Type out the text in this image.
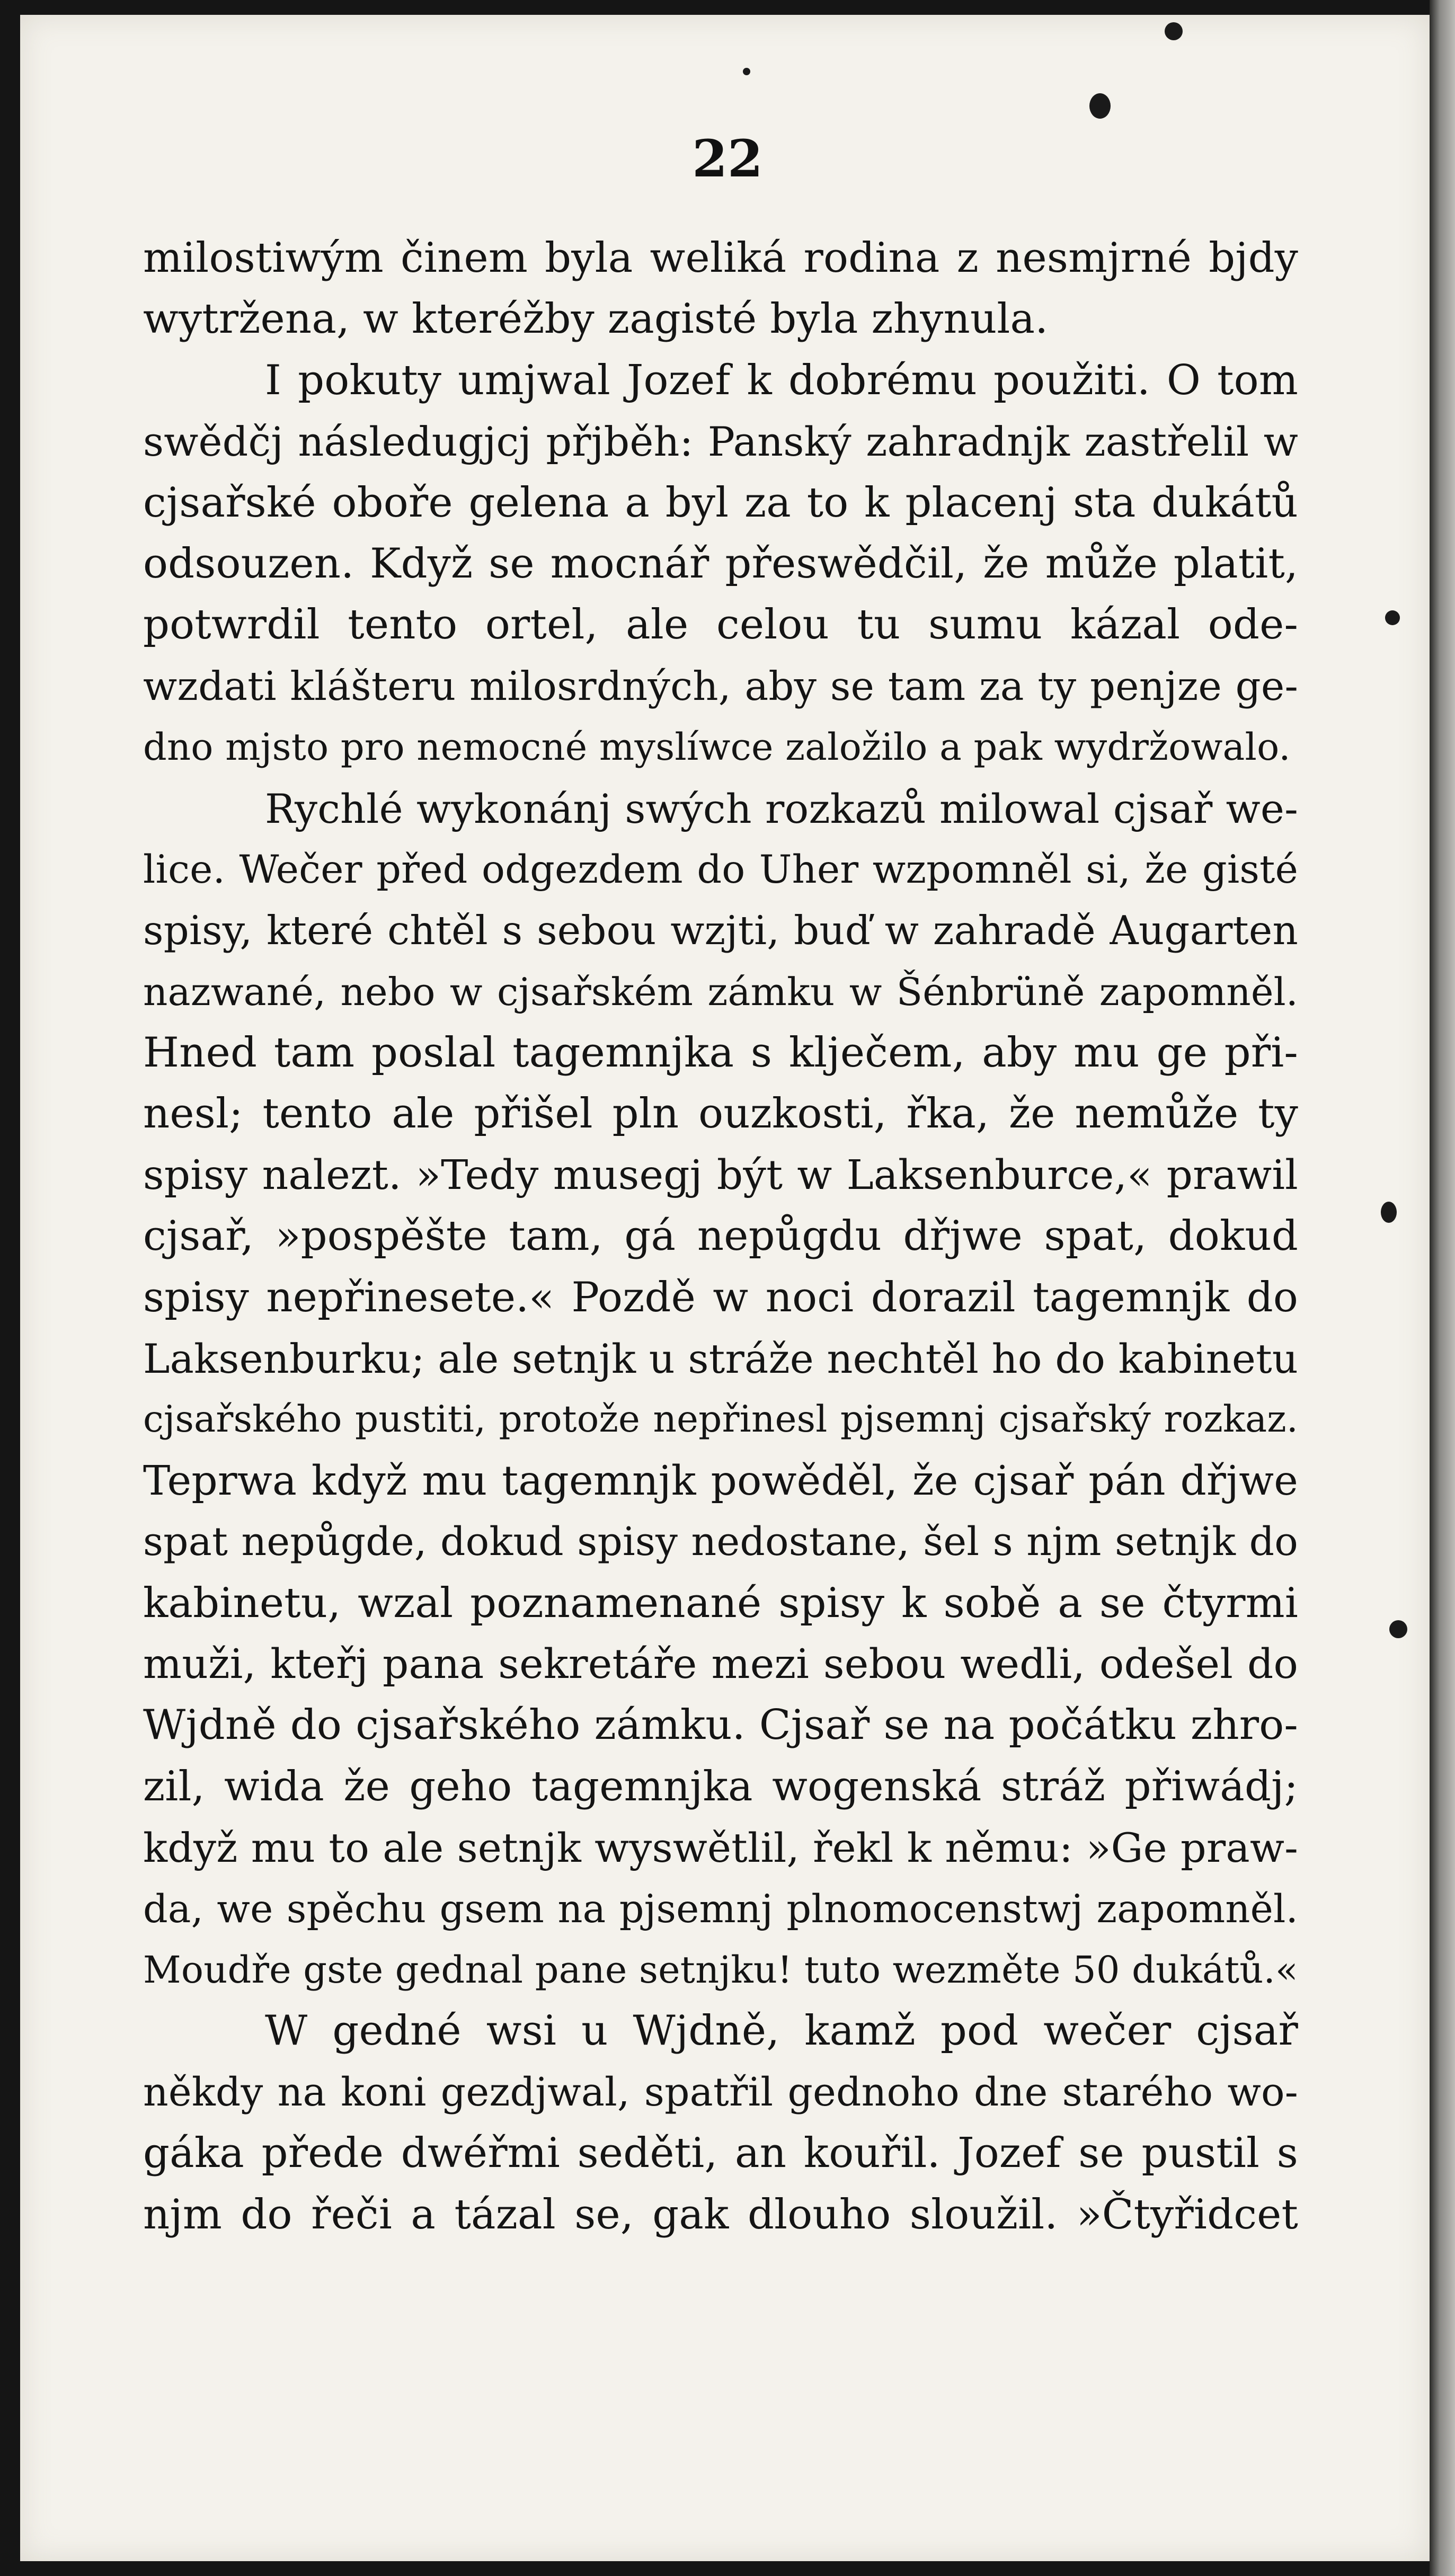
22
milostiwým činem byla weliká rodina z nesmjrné bjdy
wytržena, w kteréžby zagisté byla zhynula.
I pokuty umjwal Jozef k dobrému použiti. O tom
swědčj následugjcj přjběh: Panský zahradnjk zastřelil w
cjsařské oboře gelena a byl za to k placenj sta dukátů
odsouzen. Když se mocnář přeswědčil, že může platit,
potwrdil tento ortel, ale celou tu sumu kázal ode-
wzdati klášteru milosrdných, aby se tam za ty penjze ge-
dno mjsto pro nemocné myslíwce založilo a pak wydržowalo.
Rychlé wykonánj swých rozkazů milowal cjsař we-
lice. Wečer před odgezdem do Uher wzpomněl si, že gisté
spisy, které chtěl s sebou wzjti, buď w zahradě Augarten
nazwané, nebo w cjsařském zámku w Šénbrüně zapomněl.
Hned tam poslal tagemnjka s klječem, aby mu ge při-
nesl; tento ale přišel pln ouzkosti, řka, že nemůže ty
spisy nalezt. »Tedy musegj být w Laksenburce,« prawil
cjsař, »pospěšte tam, gá nepůgdu dřjwe spat, dokud
spisy nepřinesete.« Pozdě w noci dorazil tagemnjk do
Laksenburku; ale setnjk u stráže nechtěl ho do kabinetu
cjsařského pustiti, protože nepřinesl pjsemnj cjsařský rozkaz.
Teprwa když mu tagemnjk powěděl, že cjsař pán dřjwe
spat nepůgde, dokud spisy nedostane, šel s njm setnjk do
kabinetu, wzal poznamenané spisy k sobě a se čtyrmi
muži, kteřj pana sekretáře mezi sebou wedli, odešel do
Wjdně do cjsařského zámku. Cjsař se na počátku zhro-
zil, wida že geho tagemnjka wogenská stráž přiwádj;
když mu to ale setnjk wyswětlil, řekl k němu: »Ge praw-
da, we spěchu gsem na pjsemnj plnomocenstwj zapomněl.
Moudře gste gednal pane setnjku! tuto wezměte 50 dukátů.«
W gedné wsi u Wjdně, kamž pod wečer cjsař
někdy na koni gezdjwal, spatřil gednoho dne starého wo-
gáka přede dwéřmi seděti, an kouřil. Jozef se pustil s
njm do řeči a tázal se, gak dlouho sloužil. »Čtyřidcet
